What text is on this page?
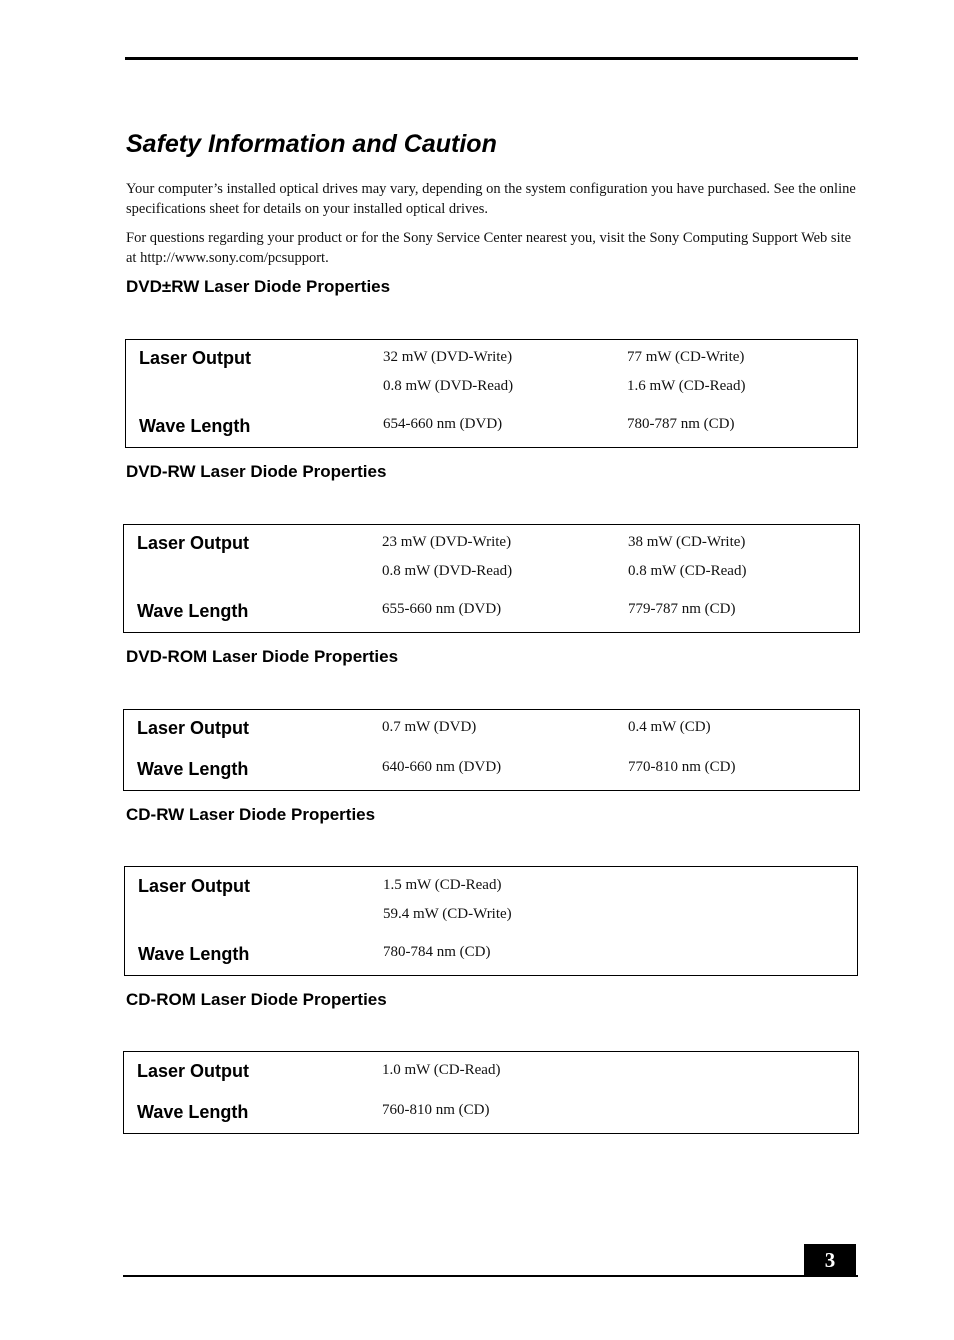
Safety Information and Caution

Your computer’s installed optical drives may vary, depending on the system configuration you have purchased. See the online specifications sheet for details on your installed optical drives.

For questions regarding your product or for the Sony Service Center nearest you, visit the Sony Computing Support Web site at http://www.sony.com/pcsupport.

DVD±RW Laser Diode Properties
Laser Output	32 mW (DVD-Write)	77 mW (CD-Write)
0.8 mW (DVD-Read)	1.6 mW (CD-Read)
Wave Length	654-660 nm (DVD)	780-787 nm (CD)
DVD-RW Laser Diode Properties
Laser Output	23 mW (DVD-Write)	38 mW (CD-Write)
0.8 mW (DVD-Read)	0.8 mW (CD-Read)
Wave Length	655-660 nm (DVD)	779-787 nm (CD)
DVD-ROM Laser Diode Properties
Laser Output	0.7 mW (DVD)	0.4 mW (CD)
Wave Length	640-660 nm (DVD)	770-810 nm (CD)
CD-RW Laser Diode Properties
Laser Output	1.5 mW (CD-Read)
59.4 mW (CD-Write)
Wave Length	780-784 nm (CD)
CD-ROM Laser Diode Properties
Laser Output	1.0 mW (CD-Read)
Wave Length	760-810 nm (CD)
3
